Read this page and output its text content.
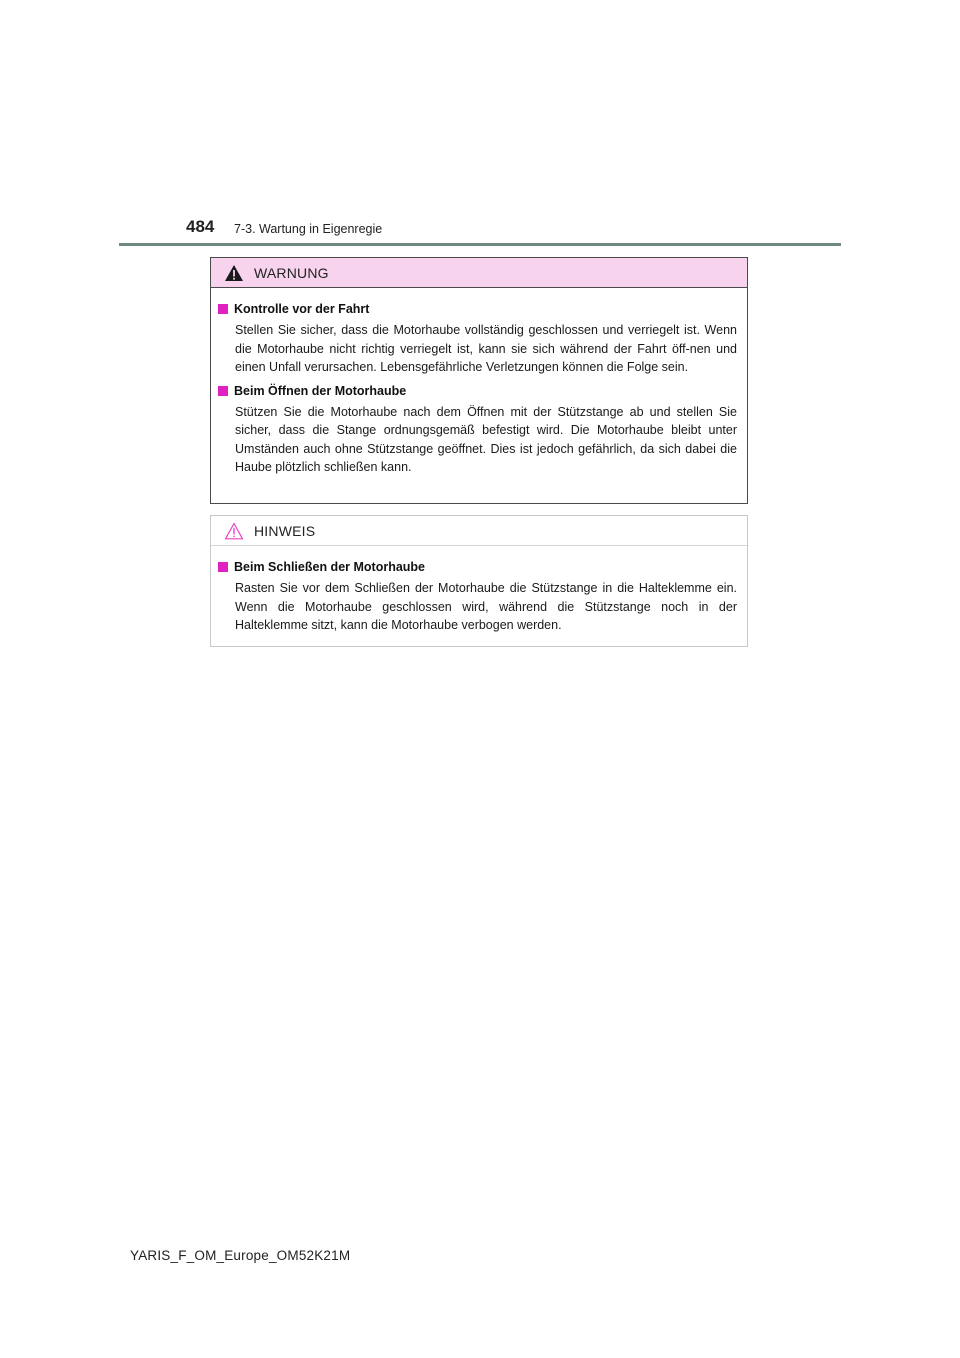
484 7-3. Wartung in Eigenregie
WARNUNG
Kontrolle vor der Fahrt

Stellen Sie sicher, dass die Motorhaube vollständig geschlossen und verriegelt ist. Wenn die Motorhaube nicht richtig verriegelt ist, kann sie sich während der Fahrt öff-nen und einen Unfall verursachen. Lebensgefährliche Verletzungen können die Folge sein.

Beim Öffnen der Motorhaube

Stützen Sie die Motorhaube nach dem Öffnen mit der Stützstange ab und stellen Sie sicher, dass die Stange ordnungsgemäß befestigt wird. Die Motorhaube bleibt unter Umständen auch ohne Stützstange geöffnet. Dies ist jedoch gefährlich, da sich dabei die Haube plötzlich schließen kann.

HINWEIS
Beim Schließen der Motorhaube

Rasten Sie vor dem Schließen der Motorhaube die Stützstange in die Halteklemme ein. Wenn die Motorhaube geschlossen wird, während die Stützstange noch in der Halteklemme sitzt, kann die Motorhaube verbogen werden.

YARIS_F_OM_Europe_OM52K21M
